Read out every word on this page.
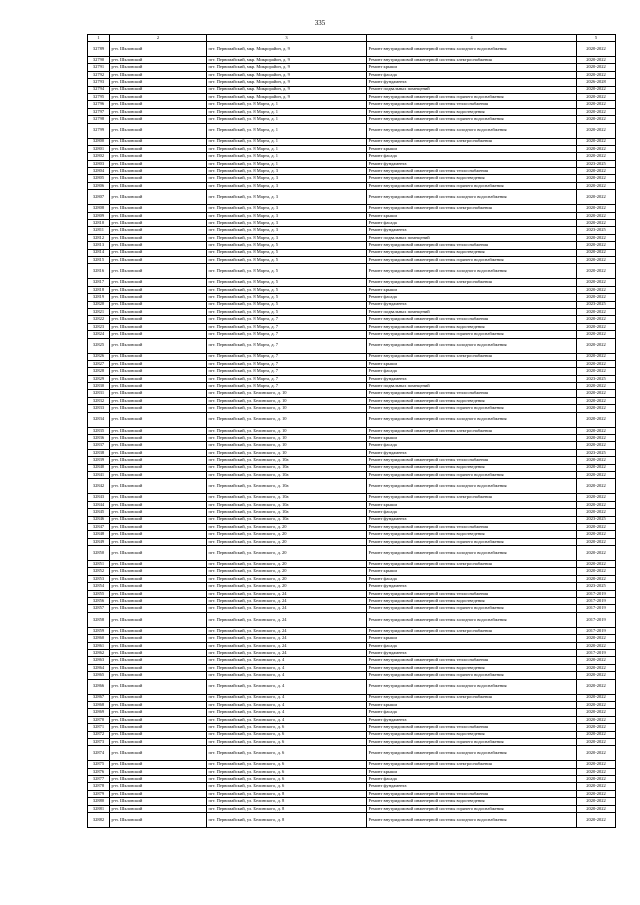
335
1	2	3	4	5
32789	р-н. Шкловский	пгт. Первомайский, мкр. Микрорайон, д. 9	Ремонт внутридомовой инженерной системы холодного водоснабжения	2020-2022
32790	р-н. Шкловский	пгт. Первомайский, мкр. Микрорайон, д. 9	Ремонт внутридомовой инженерной системы электроснабжения	2020-2022
32791	р-н. Шкловский	пгт. Первомайский, мкр. Микрорайон, д. 9	Ремонт крыши	2020-2022
32792	р-н. Шкловский	пгт. Первомайский, мкр. Микрорайон, д. 9	Ремонт фасада	2020-2022
32793	р-н. Шкловский	пгт. Первомайский, мкр. Микрорайон, д. 9	Ремонт фундамента	2026-2028
32794	р-н. Шкловский	пгт. Первомайский, мкр. Микрорайон, д. 9	Ремонт подвальных помещений	2020-2022
32795	р-н. Шкловский	пгт. Первомайский, мкр. Микрорайон, д. 9	Ремонт внутридомовой инженерной системы горячего водоснабжения	2020-2022
32796	р-н. Шкловский	пгт. Первомайский, ул. 8 Марта, д. 1	Ремонт внутридомовой инженерной системы теплоснабжения	2020-2022
32797	р-н. Шкловский	пгт. Первомайский, ул. 8 Марта, д. 1	Ремонт внутридомовой инженерной системы водоотведения	2020-2022
32798	р-н. Шкловский	пгт. Первомайский, ул. 8 Марта, д. 1	Ремонт внутридомовой инженерной системы горячего водоснабжения	2020-2022
32799	р-н. Шкловский	пгт. Первомайский, ул. 8 Марта, д. 1	Ремонт внутридомовой инженерной системы холодного водоснабжения	2020-2022
32800	р-н. Шкловский	пгт. Первомайский, ул. 8 Марта, д. 1	Ремонт внутридомовой инженерной системы электроснабжения	2020-2022
32801	р-н. Шкловский	пгт. Первомайский, ул. 8 Марта, д. 1	Ремонт крыши	2020-2022
32802	р-н. Шкловский	пгт. Первомайский, ул. 8 Марта, д. 1	Ремонт фасада	2020-2022
32803	р-н. Шкловский	пгт. Первомайский, ул. 8 Марта, д. 1	Ремонт фундамента	2023-2025
32804	р-н. Шкловский	пгт. Первомайский, ул. 8 Марта, д. 3	Ремонт внутридомовой инженерной системы теплоснабжения	2020-2022
32805	р-н. Шкловский	пгт. Первомайский, ул. 8 Марта, д. 3	Ремонт внутридомовой инженерной системы водоотведения	2020-2022
32806	р-н. Шкловский	пгт. Первомайский, ул. 8 Марта, д. 3	Ремонт внутридомовой инженерной системы горячего водоснабжения	2020-2022
32807	р-н. Шкловский	пгт. Первомайский, ул. 8 Марта, д. 3	Ремонт внутридомовой инженерной системы холодного водоснабжения	2020-2022
32808	р-н. Шкловский	пгт. Первомайский, ул. 8 Марта, д. 3	Ремонт внутридомовой инженерной системы электроснабжения	2020-2022
32809	р-н. Шкловский	пгт. Первомайский, ул. 8 Марта, д. 3	Ремонт крыши	2020-2022
32810	р-н. Шкловский	пгт. Первомайский, ул. 8 Марта, д. 3	Ремонт фасада	2020-2022
32811	р-н. Шкловский	пгт. Первомайский, ул. 8 Марта, д. 3	Ремонт фундамента	2023-2025
32812	р-н. Шкловский	пгт. Первомайский, ул. 8 Марта, д. 3	Ремонт подвальных помещений	2020-2022
32813	р-н. Шкловский	пгт. Первомайский, ул. 8 Марта, д. 5	Ремонт внутридомовой инженерной системы теплоснабжения	2020-2022
32814	р-н. Шкловский	пгт. Первомайский, ул. 8 Марта, д. 5	Ремонт внутридомовой инженерной системы водоотведения	2020-2022
32815	р-н. Шкловский	пгт. Первомайский, ул. 8 Марта, д. 5	Ремонт внутридомовой инженерной системы горячего водоснабжения	2020-2022
32816	р-н. Шкловский	пгт. Первомайский, ул. 8 Марта, д. 5	Ремонт внутридомовой инженерной системы холодного водоснабжения	2020-2022
32817	р-н. Шкловский	пгт. Первомайский, ул. 8 Марта, д. 5	Ремонт внутридомовой инженерной системы электроснабжения	2020-2022
32818	р-н. Шкловский	пгт. Первомайский, ул. 8 Марта, д. 5	Ремонт крыши	2020-2022
32819	р-н. Шкловский	пгт. Первомайский, ул. 8 Марта, д. 5	Ремонт фасада	2020-2022
32820	р-н. Шкловский	пгт. Первомайский, ул. 8 Марта, д. 5	Ремонт фундамента	2023-2025
32821	р-н. Шкловский	пгт. Первомайский, ул. 8 Марта, д. 5	Ремонт подвальных помещений	2020-2022
32822	р-н. Шкловский	пгт. Первомайский, ул. 8 Марта, д. 7	Ремонт внутридомовой инженерной системы теплоснабжения	2020-2022
32823	р-н. Шкловский	пгт. Первомайский, ул. 8 Марта, д. 7	Ремонт внутридомовой инженерной системы водоотведения	2020-2022
32824	р-н. Шкловский	пгт. Первомайский, ул. 8 Марта, д. 7	Ремонт внутридомовой инженерной системы горячего водоснабжения	2020-2022
32825	р-н. Шкловский	пгт. Первомайский, ул. 8 Марта, д. 7	Ремонт внутридомовой инженерной системы холодного водоснабжения	2020-2022
32826	р-н. Шкловский	пгт. Первомайский, ул. 8 Марта, д. 7	Ремонт внутридомовой инженерной системы электроснабжения	2020-2022
32827	р-н. Шкловский	пгт. Первомайский, ул. 8 Марта, д. 7	Ремонт крыши	2020-2022
32828	р-н. Шкловский	пгт. Первомайский, ул. 8 Марта, д. 7	Ремонт фасада	2020-2022
32829	р-н. Шкловский	пгт. Первомайский, ул. 8 Марта, д. 7	Ремонт фундамента	2023-2025
32830	р-н. Шкловский	пгт. Первомайский, ул. 8 Марта, д. 7	Ремонт подвальных помещений	2020-2022
32831	р-н. Шкловский	пгт. Первомайский, ул. Белинского, д. 10	Ремонт внутридомовой инженерной системы теплоснабжения	2020-2022
32832	р-н. Шкловский	пгт. Первомайский, ул. Белинского, д. 10	Ремонт внутридомовой инженерной системы водоотведения	2020-2022
32833	р-н. Шкловский	пгт. Первомайский, ул. Белинского, д. 10	Ремонт внутридомовой инженерной системы горячего водоснабжения	2020-2022
32834	р-н. Шкловский	пгт. Первомайский, ул. Белинского, д. 10	Ремонт внутридомовой инженерной системы холодного водоснабжения	2020-2022
32835	р-н. Шкловский	пгт. Первомайский, ул. Белинского, д. 10	Ремонт внутридомовой инженерной системы электроснабжения	2020-2022
32836	р-н. Шкловский	пгт. Первомайский, ул. Белинского, д. 10	Ремонт крыши	2020-2022
32837	р-н. Шкловский	пгт. Первомайский, ул. Белинского, д. 10	Ремонт фасада	2020-2022
32838	р-н. Шкловский	пгт. Первомайский, ул. Белинского, д. 10	Ремонт фундамента	2023-2025
32839	р-н. Шкловский	пгт. Первомайский, ул. Белинского, д. 10а	Ремонт внутридомовой инженерной системы теплоснабжения	2020-2022
32840	р-н. Шкловский	пгт. Первомайский, ул. Белинского, д. 10а	Ремонт внутридомовой инженерной системы водоотведения	2020-2022
32841	р-н. Шкловский	пгт. Первомайский, ул. Белинского, д. 10а	Ремонт внутридомовой инженерной системы горячего водоснабжения	2020-2022
32842	р-н. Шкловский	пгт. Первомайский, ул. Белинского, д. 10а	Ремонт внутридомовой инженерной системы холодного водоснабжения	2020-2022
32843	р-н. Шкловский	пгт. Первомайский, ул. Белинского, д. 10а	Ремонт внутридомовой инженерной системы электроснабжения	2020-2022
32844	р-н. Шкловский	пгт. Первомайский, ул. Белинского, д. 10а	Ремонт крыши	2020-2022
32845	р-н. Шкловский	пгт. Первомайский, ул. Белинского, д. 10а	Ремонт фасада	2020-2022
32846	р-н. Шкловский	пгт. Первомайский, ул. Белинского, д. 10а	Ремонт фундамента	2023-2025
32847	р-н. Шкловский	пгт. Первомайский, ул. Белинского, д. 20	Ремонт внутридомовой инженерной системы теплоснабжения	2020-2022
32848	р-н. Шкловский	пгт. Первомайский, ул. Белинского, д. 20	Ремонт внутридомовой инженерной системы водоотведения	2020-2022
32849	р-н. Шкловский	пгт. Первомайский, ул. Белинского, д. 20	Ремонт внутридомовой инженерной системы горячего водоснабжения	2020-2022
32850	р-н. Шкловский	пгт. Первомайский, ул. Белинского, д. 20	Ремонт внутридомовой инженерной системы холодного водоснабжения	2020-2022
32851	р-н. Шкловский	пгт. Первомайский, ул. Белинского, д. 20	Ремонт внутридомовой инженерной системы электроснабжения	2020-2022
32852	р-н. Шкловский	пгт. Первомайский, ул. Белинского, д. 20	Ремонт крыши	2020-2022
32853	р-н. Шкловский	пгт. Первомайский, ул. Белинского, д. 20	Ремонт фасада	2020-2022
32854	р-н. Шкловский	пгт. Первомайский, ул. Белинского, д. 20	Ремонт фундамента	2023-2025
32855	р-н. Шкловский	пгт. Первомайский, ул. Белинского, д. 24	Ремонт внутридомовой инженерной системы теплоснабжения	2017-2019
32856	р-н. Шкловский	пгт. Первомайский, ул. Белинского, д. 24	Ремонт внутридомовой инженерной системы водоотведения	2017-2019
32857	р-н. Шкловский	пгт. Первомайский, ул. Белинского, д. 24	Ремонт внутридомовой инженерной системы горячего водоснабжения	2017-2019
32858	р-н. Шкловский	пгт. Первомайский, ул. Белинского, д. 24	Ремонт внутридомовой инженерной системы холодного водоснабжения	2017-2019
32859	р-н. Шкловский	пгт. Первомайский, ул. Белинского, д. 24	Ремонт внутридомовой инженерной системы электроснабжения	2017-2019
32860	р-н. Шкловский	пгт. Первомайский, ул. Белинского, д. 24	Ремонт крыши	2020-2022
32861	р-н. Шкловский	пгт. Первомайский, ул. Белинского, д. 24	Ремонт фасада	2020-2022
32862	р-н. Шкловский	пгт. Первомайский, ул. Белинского, д. 24	Ремонт фундамента	2017-2019
32863	р-н. Шкловский	пгт. Первомайский, ул. Белинского, д. 4	Ремонт внутридомовой инженерной системы теплоснабжения	2020-2022
32864	р-н. Шкловский	пгт. Первомайский, ул. Белинского, д. 4	Ремонт внутридомовой инженерной системы водоотведения	2020-2022
32865	р-н. Шкловский	пгт. Первомайский, ул. Белинского, д. 4	Ремонт внутридомовой инженерной системы горячего водоснабжения	2020-2022
32866	р-н. Шкловский	пгт. Первомайский, ул. Белинского, д. 4	Ремонт внутридомовой инженерной системы холодного водоснабжения	2020-2022
32867	р-н. Шкловский	пгт. Первомайский, ул. Белинского, д. 4	Ремонт внутридомовой инженерной системы электроснабжения	2020-2022
32868	р-н. Шкловский	пгт. Первомайский, ул. Белинского, д. 4	Ремонт крыши	2020-2022
32869	р-н. Шкловский	пгт. Первомайский, ул. Белинского, д. 4	Ремонт фасада	2020-2022
32870	р-н. Шкловский	пгт. Первомайский, ул. Белинского, д. 4	Ремонт фундамента	2020-2022
32871	р-н. Шкловский	пгт. Первомайский, ул. Белинского, д. 6	Ремонт внутридомовой инженерной системы теплоснабжения	2020-2022
32872	р-н. Шкловский	пгт. Первомайский, ул. Белинского, д. 6	Ремонт внутридомовой инженерной системы водоотведения	2020-2022
32873	р-н. Шкловский	пгт. Первомайский, ул. Белинского, д. 6	Ремонт внутридомовой инженерной системы горячего водоснабжения	2020-2022
32874	р-н. Шкловский	пгт. Первомайский, ул. Белинского, д. 6	Ремонт внутридомовой инженерной системы холодного водоснабжения	2020-2022
32875	р-н. Шкловский	пгт. Первомайский, ул. Белинского, д. 6	Ремонт внутридомовой инженерной системы электроснабжения	2020-2022
32876	р-н. Шкловский	пгт. Первомайский, ул. Белинского, д. 6	Ремонт крыши	2020-2022
32877	р-н. Шкловский	пгт. Первомайский, ул. Белинского, д. 6	Ремонт фасада	2020-2022
32878	р-н. Шкловский	пгт. Первомайский, ул. Белинского, д. 6	Ремонт фундамента	2020-2022
32879	р-н. Шкловский	пгт. Первомайский, ул. Белинского, д. 8	Ремонт внутридомовой инженерной системы теплоснабжения	2020-2022
32880	р-н. Шкловский	пгт. Первомайский, ул. Белинского, д. 8	Ремонт внутридомовой инженерной системы водоотведения	2020-2022
32881	р-н. Шкловский	пгт. Первомайский, ул. Белинского, д. 8	Ремонт внутридомовой инженерной системы горячего водоснабжения	2020-2022
32882	р-н. Шкловский	пгт. Первомайский, ул. Белинского, д. 8	Ремонт внутридомовой инженерной системы холодного водоснабжения	2020-2022
